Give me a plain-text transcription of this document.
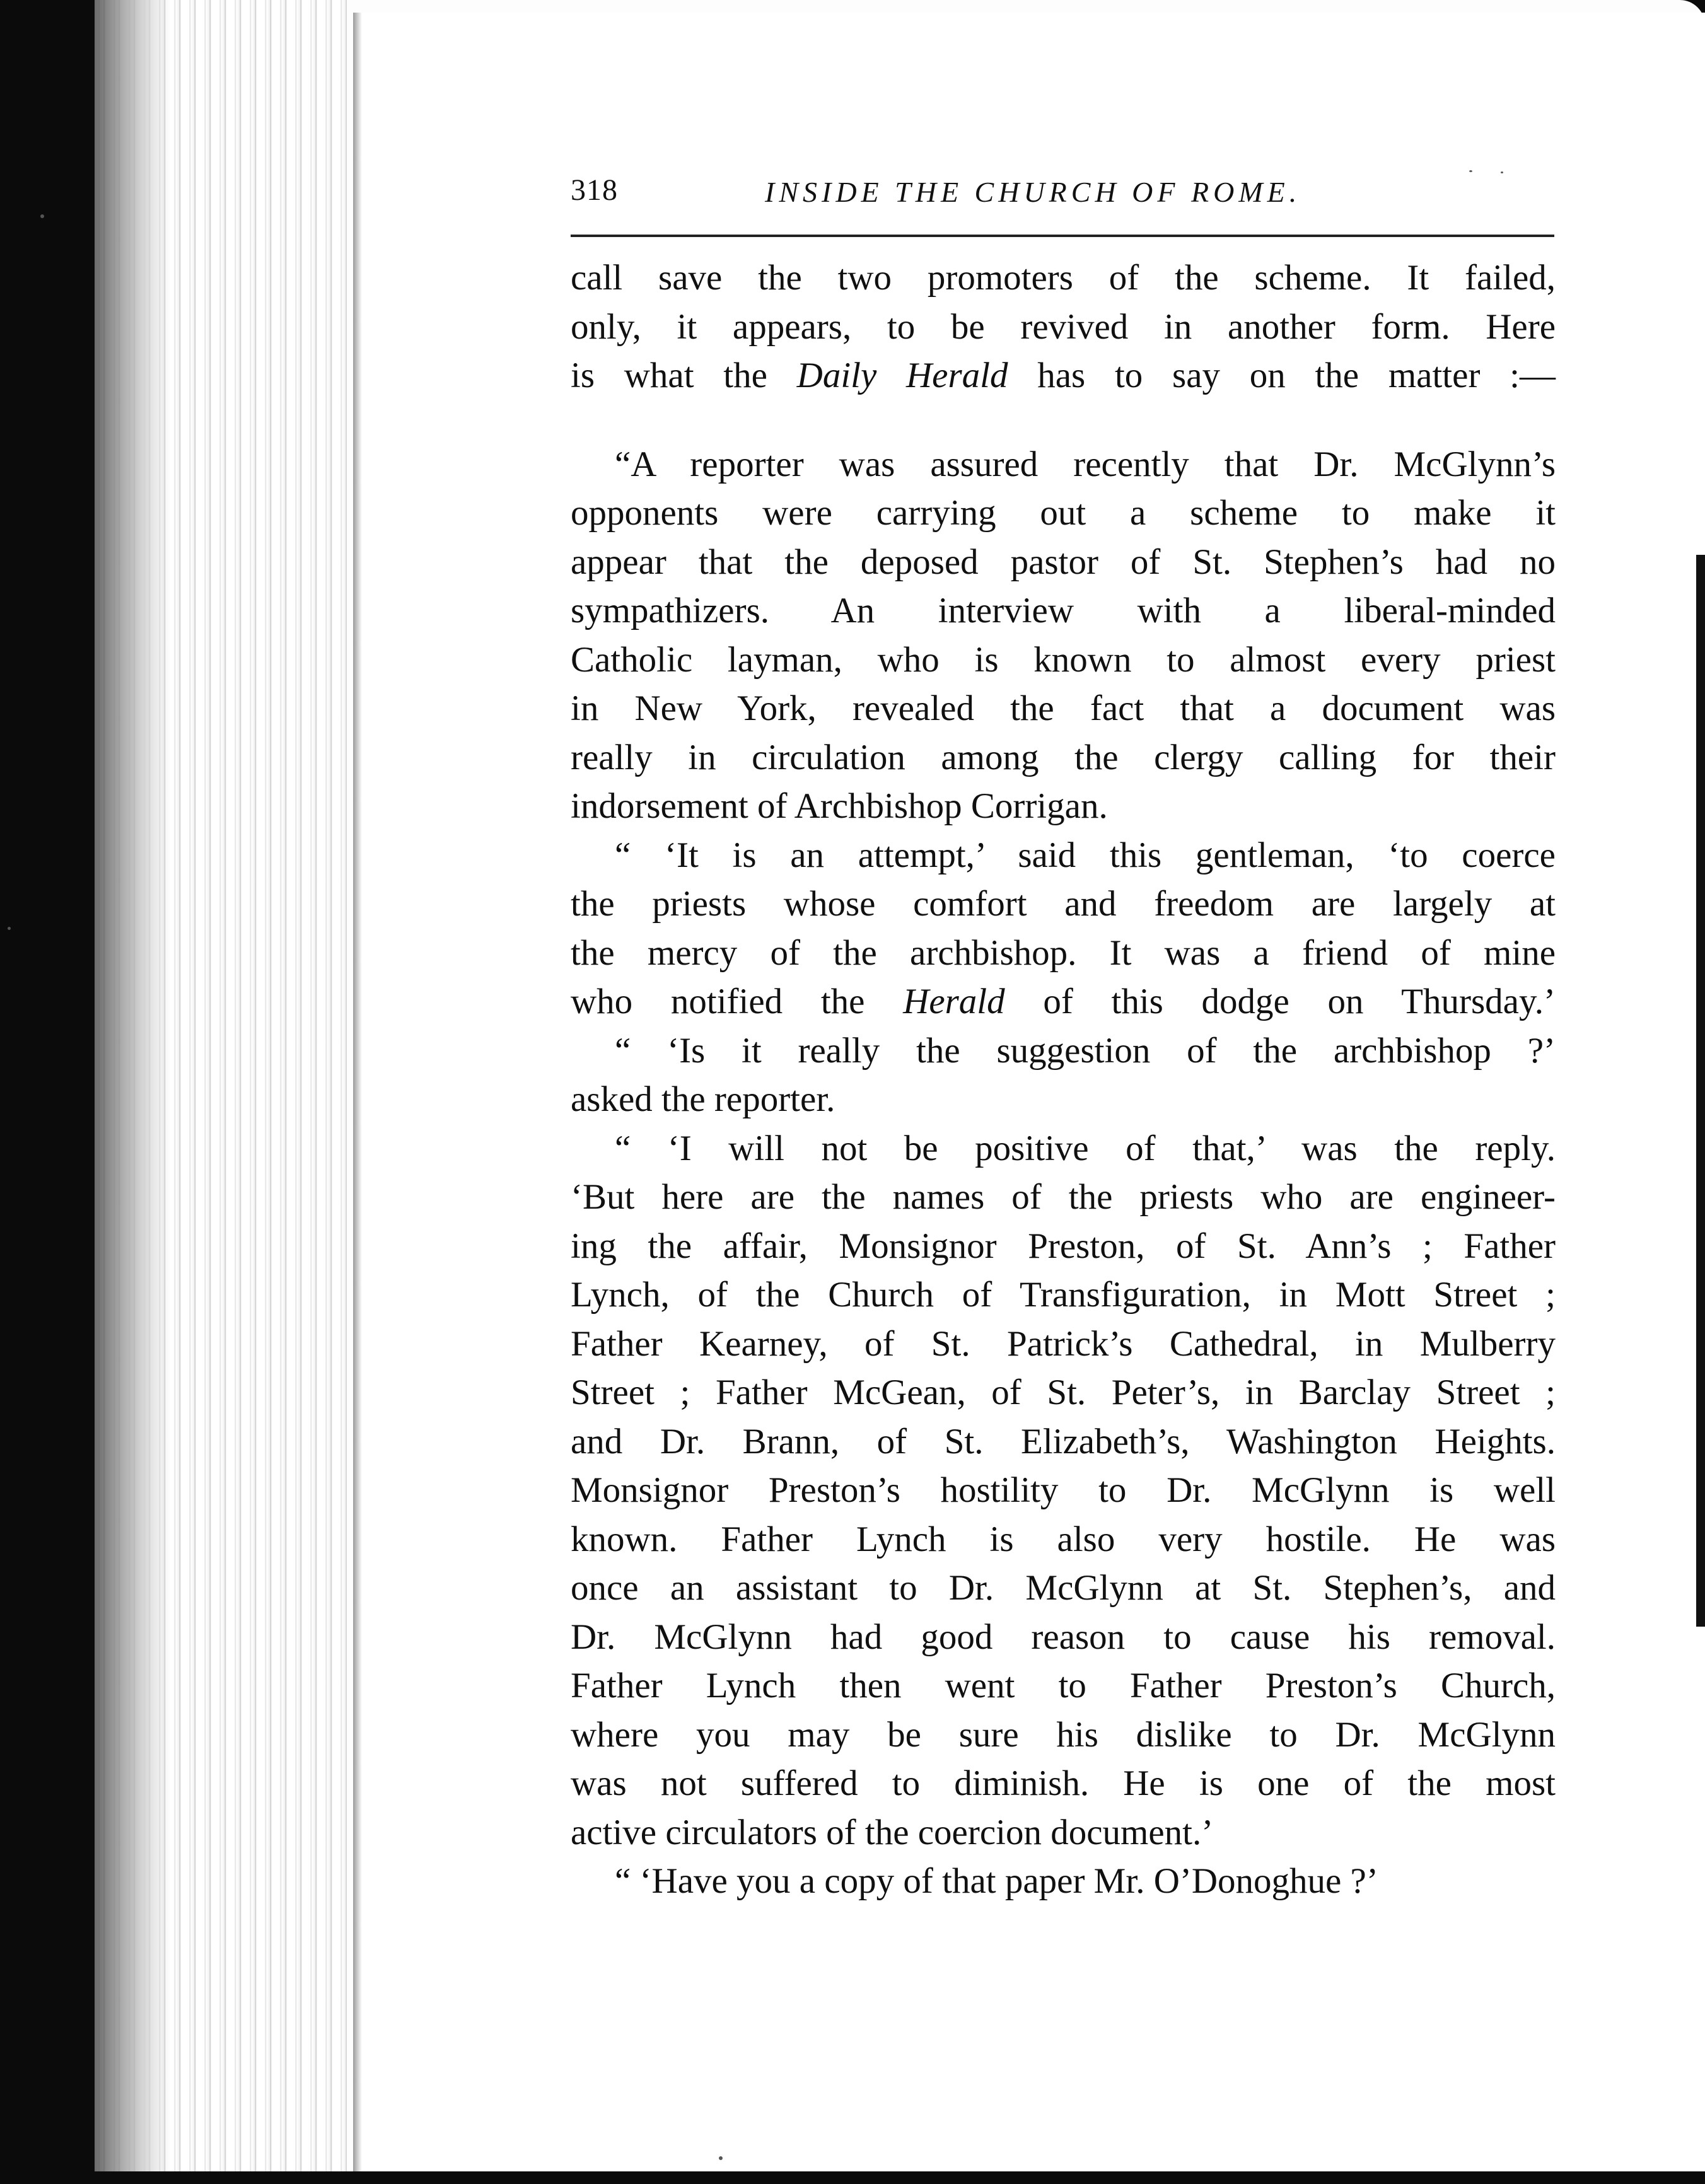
318	INSIDE THE CHURCH OF ROME.
call save the two promoters of the scheme. It failed,
only, it appears, to be revived in another form. Here
is what the Daily Herald has to say on the matter :—
“A reporter was assured recently that Dr. McGlynn’s
opponents were carrying out a scheme to make it
appear that the deposed pastor of St. Stephen’s had no
sympathizers. An interview with a liberal-minded
Catholic layman, who is known to almost every priest
in New York, revealed the fact that a document was
really in circulation among the clergy calling for their
indorsement of Archbishop Corrigan.
“ ‘It is an attempt,’ said this gentleman, ‘to coerce
the priests whose comfort and freedom are largely at
the mercy of the archbishop. It was a friend of mine
who notified the Herald of this dodge on Thursday.’
“ ‘Is it really the suggestion of the archbishop ?’
asked the reporter.
“ ‘I will not be positive of that,’ was the reply.
‘But here are the names of the priests who are engineer-
ing the affair, Monsignor Preston, of St. Ann’s ; Father
Lynch, of the Church of Transfiguration, in Mott Street ;
Father Kearney, of St. Patrick’s Cathedral, in Mulberry
Street ; Father McGean, of St. Peter’s, in Barclay Street ;
and Dr. Brann, of St. Elizabeth’s, Washington Heights.
Monsignor Preston’s hostility to Dr. McGlynn is well
known. Father Lynch is also very hostile. He was
once an assistant to Dr. McGlynn at St. Stephen’s, and
Dr. McGlynn had good reason to cause his removal.
Father Lynch then went to Father Preston’s Church,
where you may be sure his dislike to Dr. McGlynn
was not suffered to diminish. He is one of the most
active circulators of the coercion document.’
“ ‘Have you a copy of that paper Mr. O’Donoghue ?’
